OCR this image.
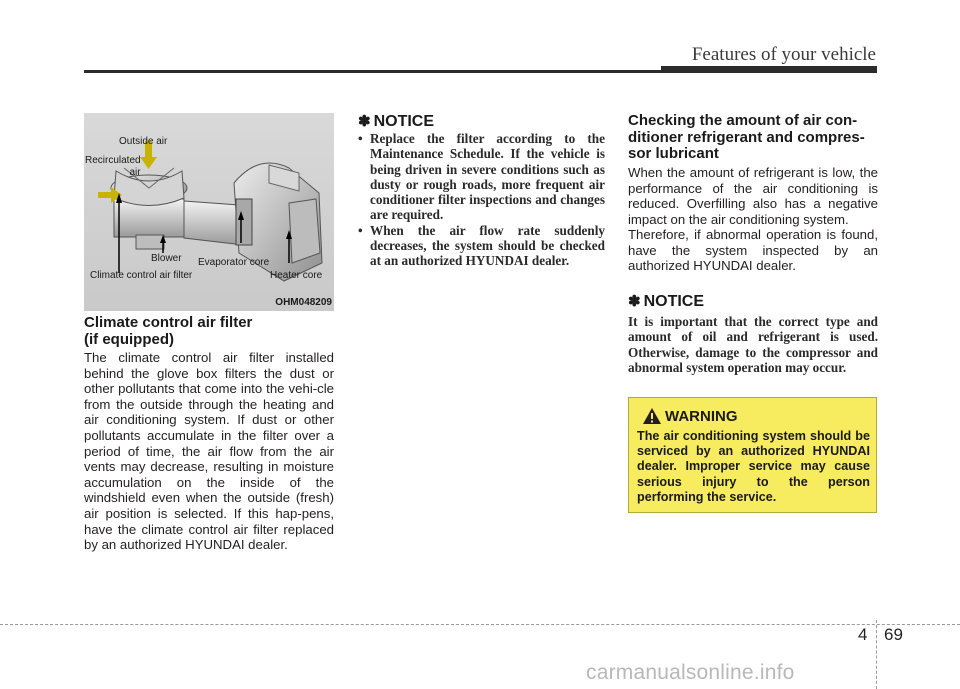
Features of your vehicle
Outside air
Recirculated
air
Blower Evaporator core
Climate control air filter	Heater core
OHM048209
Climate control air filter
(if equipped)
The climate control air filter installed behind the glove box filters the dust or other pollutants that come into the vehi-cle from the outside through the heating and air conditioning system. If dust or other pollutants accumulate in the filter over a period of time, the air flow from the air vents may decrease, resulting in moisture accumulation on the inside of the windshield even when the outside (fresh) air position is selected. If this hap-pens, have the climate control air filter replaced by an authorized HYUNDAI dealer.
✽ NOTICE
• Replace the filter according to the Maintenance Schedule. If the vehicle is being driven in severe conditions such as dusty or rough roads, more frequent air conditioner filter inspections and changes are required.
• When the air flow rate suddenly decreases, the system should be checked at an authorized HYUNDAI dealer.
Checking the amount of air con-ditioner refrigerant and compres-sor lubricant
When the amount of refrigerant is low, the performance of the air conditioning is reduced. Overfilling also has a negative impact on the air conditioning system.
Therefore, if abnormal operation is found, have the system inspected by an authorized HYUNDAI dealer.
✽ NOTICE
It is important that the correct type and amount of oil and refrigerant is used. Otherwise, damage to the compressor and abnormal system operation may occur.
WARNING
The air conditioning system should be serviced by an authorized HYUNDAI dealer. Improper service may cause serious injury to the person performing the service.
4 69
carmanualsonline.info
